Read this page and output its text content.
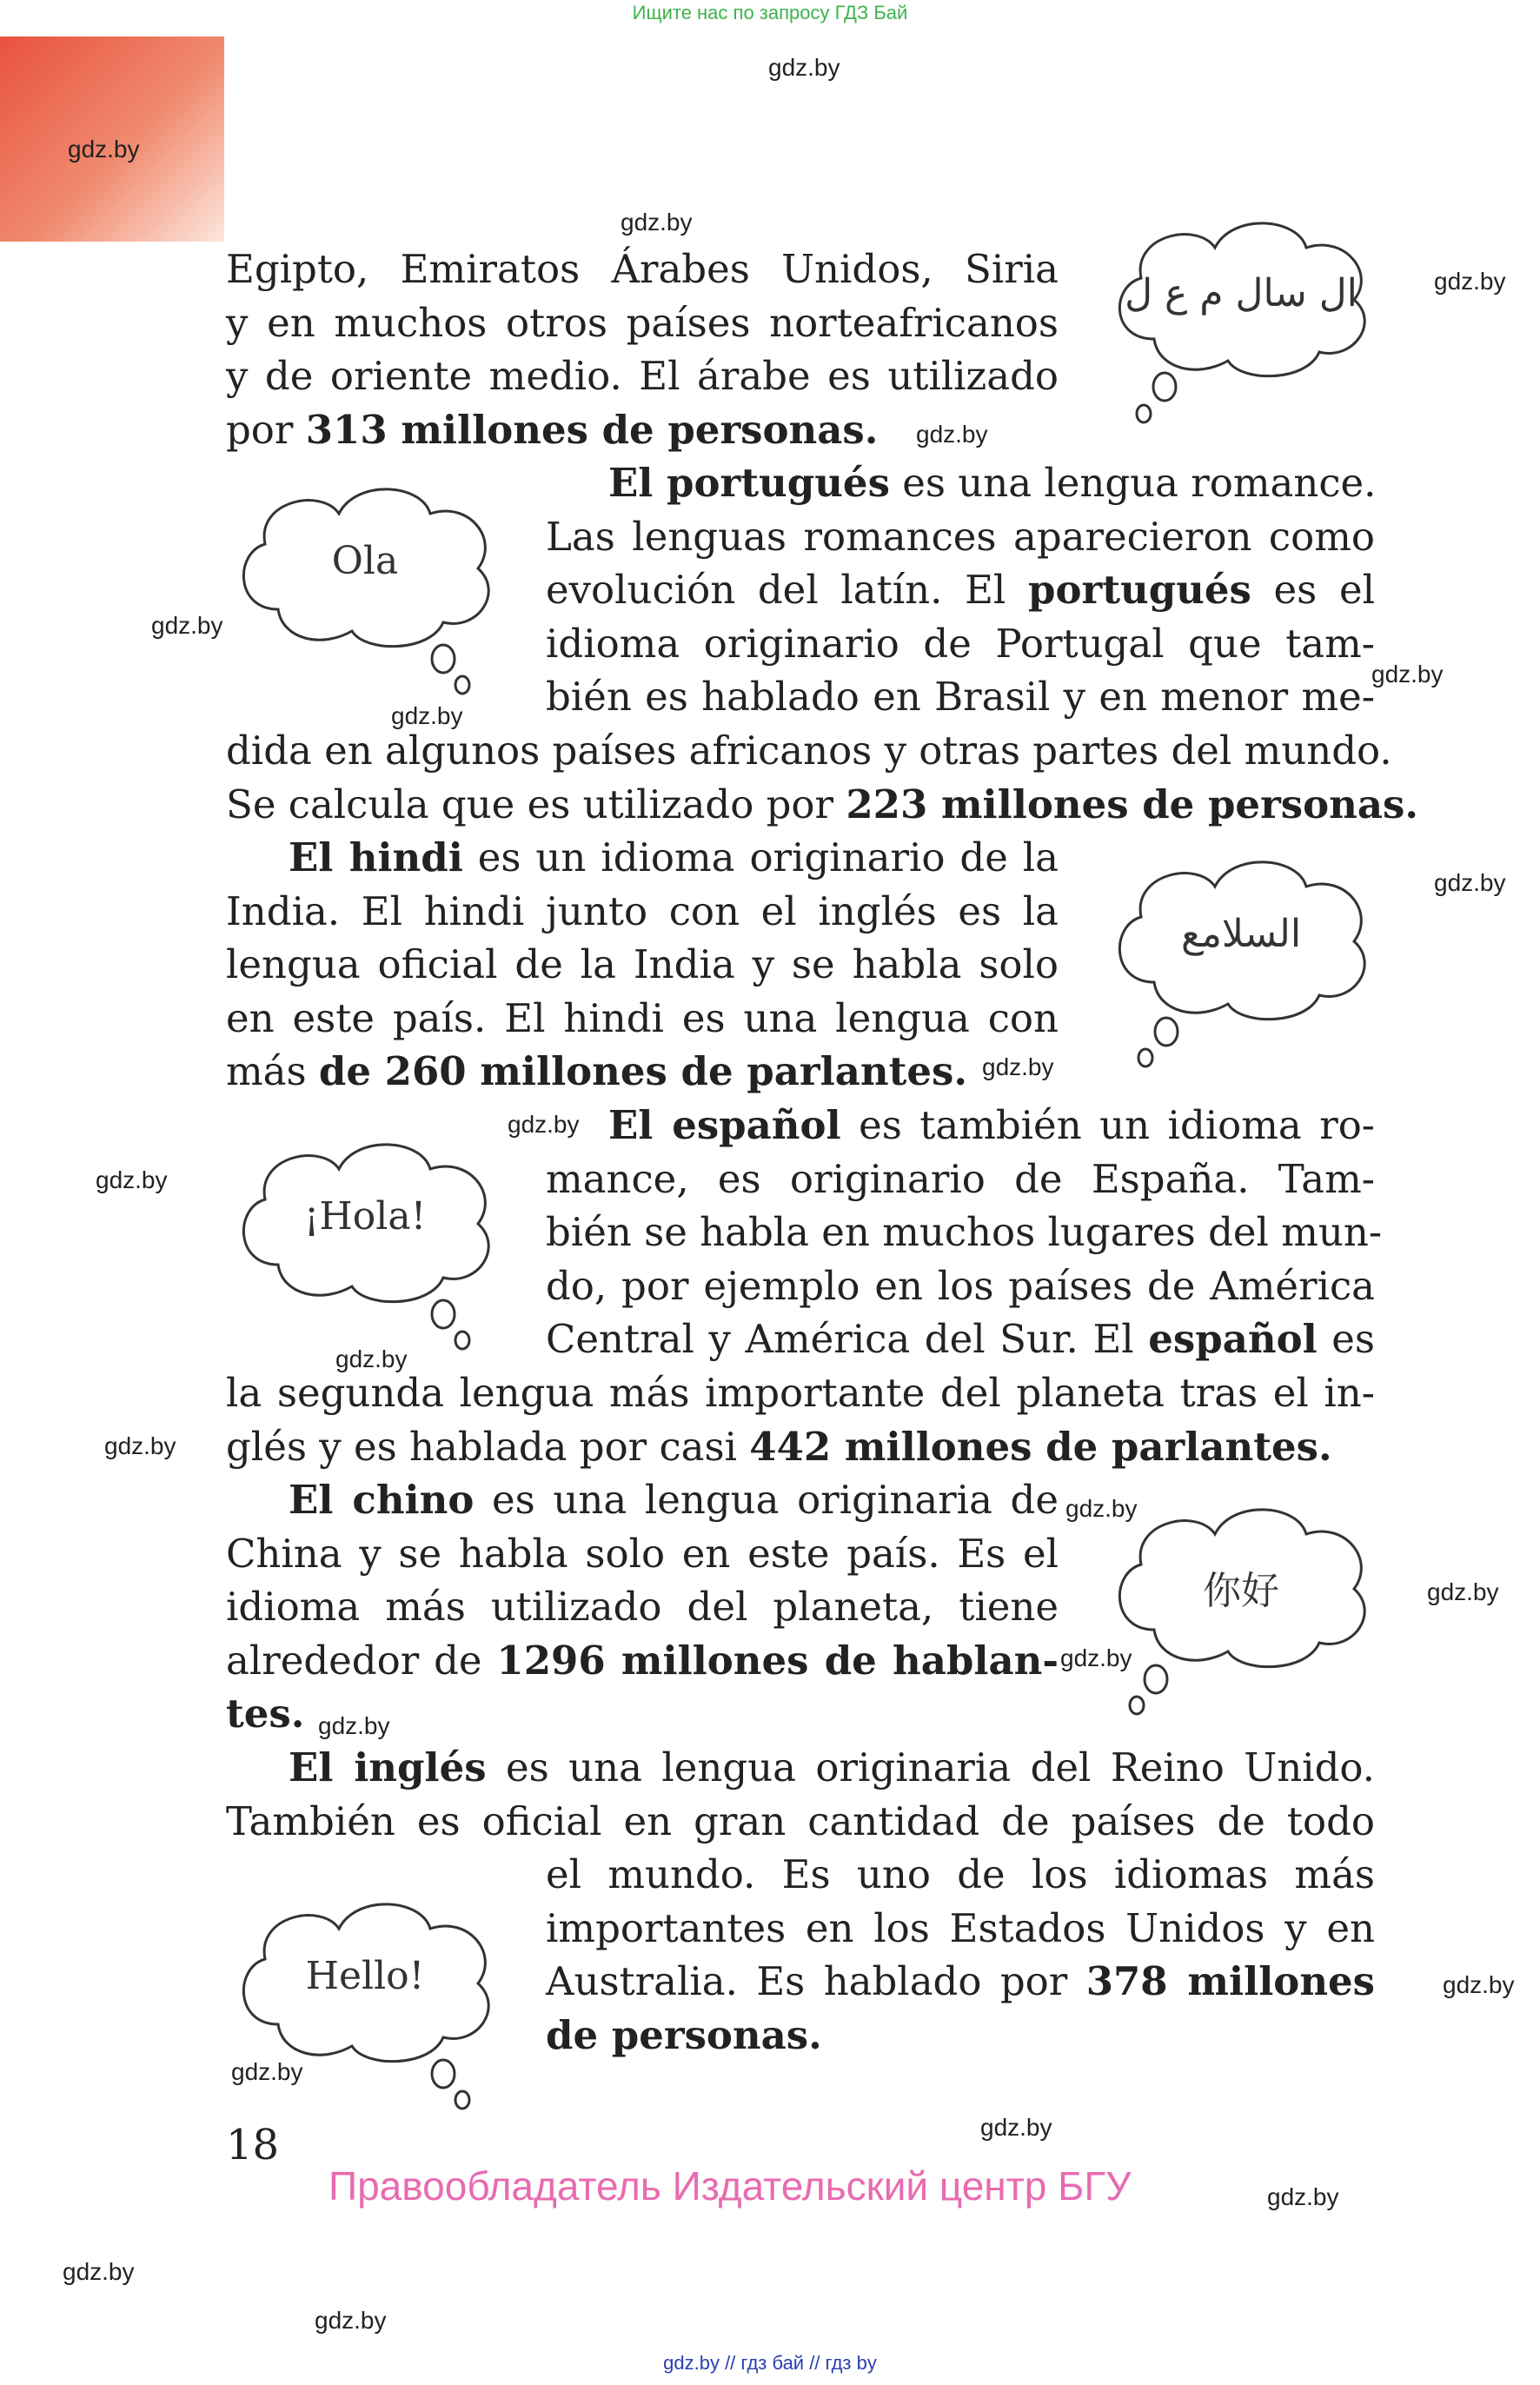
Ищите нас по запросу ГДЗ Бай
gdz.by
gdz.by
gdz.by
gdz.by
gdz.by
gdz.by
gdz.by
gdz.by
gdz.by
gdz.by
gdz.by
gdz.by
gdz.by
gdz.by
gdz.by
gdz.by
gdz.by
gdz.by
gdz.by
gdz.by
gdz.by
gdz.by
gdz.by
gdz.by
Egipto, Emiratos Árabes Unidos, Siria
y en muchos otros países norteafricanos
y de oriente medio. El árabe es utilizado
por 313 millones de personas.
El portugués es una lengua romance.
Las lenguas romances aparecieron como
evolución del latín. El portugués es el
idioma originario de Portugal que tam-
bién es hablado en Brasil y en menor me-
dida en algunos países africanos y otras partes del mundo.
Se calcula que es utilizado por 223 millones de personas.
El hindi es un idioma originario de la
India. El hindi junto con el inglés es la
lengua oficial de la India y se habla solo
en este país. El hindi es una lengua con
más de 260 millones de parlantes.
El español es también un idioma ro-
mance, es originario de España. Tam-
bién se habla en muchos lugares del mun-
do, por ejemplo en los países de América
Central y América del Sur. El español es
la segunda lengua más importante del planeta tras el in-
glés y es hablada por casi 442 millones de parlantes.
El chino es una lengua originaria de
China y se habla solo en este país. Es el
idioma más utilizado del planeta, tiene
alrededor de 1296 millones de hablan-
tes.
El inglés es una lengua originaria del Reino Unido.
También es oficial en gran cantidad de países de todo
el mundo. Es uno de los idiomas más
importantes en los Estados Unidos y en
Australia. Es hablado por 378 millones
de personas.
ال سال م ع ل
Ola
السلامع
¡Hola!
你好
Hello!
18
Правообладатель Издательский центр БГУ
gdz.by // гдз бай // гдз by
